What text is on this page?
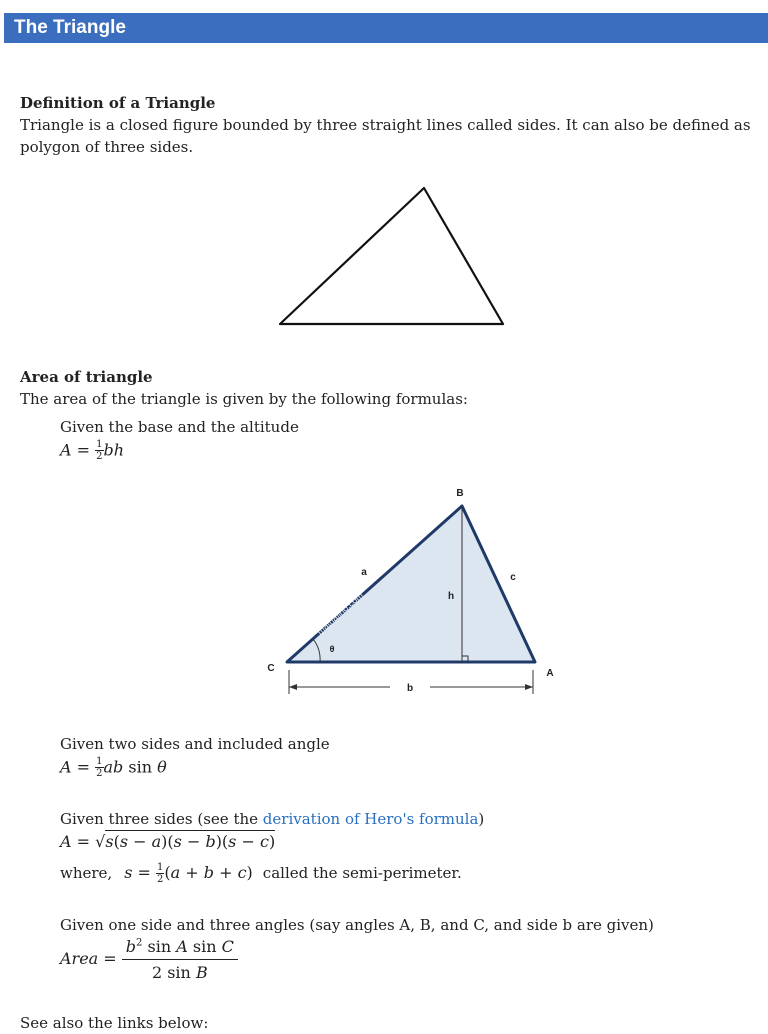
The Triangle
Definition of a Triangle
Triangle is a closed figure bounded by three straight lines called sides. It can also be defined as
polygon of three sides.
Area of triangle
The area of the triangle is given by the following formulas:
Given the base and the altitude
$A = \frac{1}{2}$ bh
mathalino.com
B
C	A
a	c
b
h
θ
Given two sides and included angle
$A = \frac{1}{2}$ ab sin θ
Given three sides (see the derivation of Hero's formula)
A = √s(s − a)(s − b)(s − c)
where, $s = \frac{1}{2} (a + b + c)$ called the semi-perimeter.
Given one side and three angles (say angles A, B, and C, and side b are given)
Area = $\frac{b^2 \sin A \sin C}{\text{2 sin B}}$
See also the links below:
